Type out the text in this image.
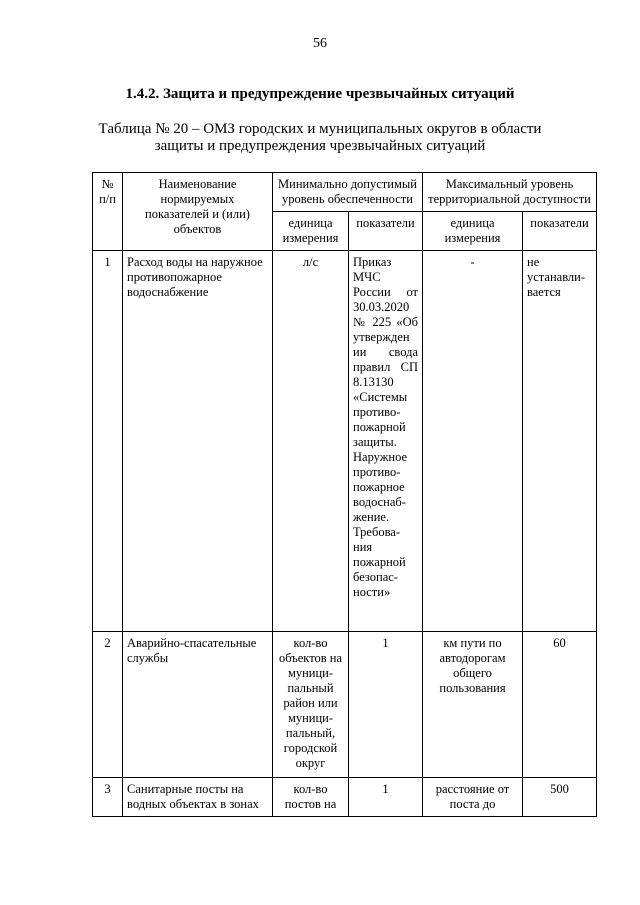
56
1.4.2. Защита и предупреждение чрезвычайных ситуаций
Таблица № 20 – ОМЗ городских и муниципальных округов в области
защиты и предупреждения чрезвычайных ситуаций
№ п/п	Наименование нормируемых показателей и (или) объектов	Минимально допустимый уровень обеспеченности		Максимальный уровень территориальной доступности	
		единица измерения	показатели	единица измерения	показатели
1	Расход воды на наружное противопожарное водоснабжение	л/с	Приказ МЧС России от 30.03.2020 № 225 «Об утвержден ии свода правил СП 8.13130 «Системы противо-пожарной защиты. Наружное противо-пожарное водоснаб-жение. Требова-ния пожарной безопас-ности»	-	не устанавли-вается
2	Аварийно-спасательные службы	кол-во объектов на муници-пальный район или муници-пальный, городской округ	1	км пути по автодорогам общего пользования	60
3	Санитарные посты на водных объектах в зонах	кол-во постов на	1	расстояние от поста до	500
